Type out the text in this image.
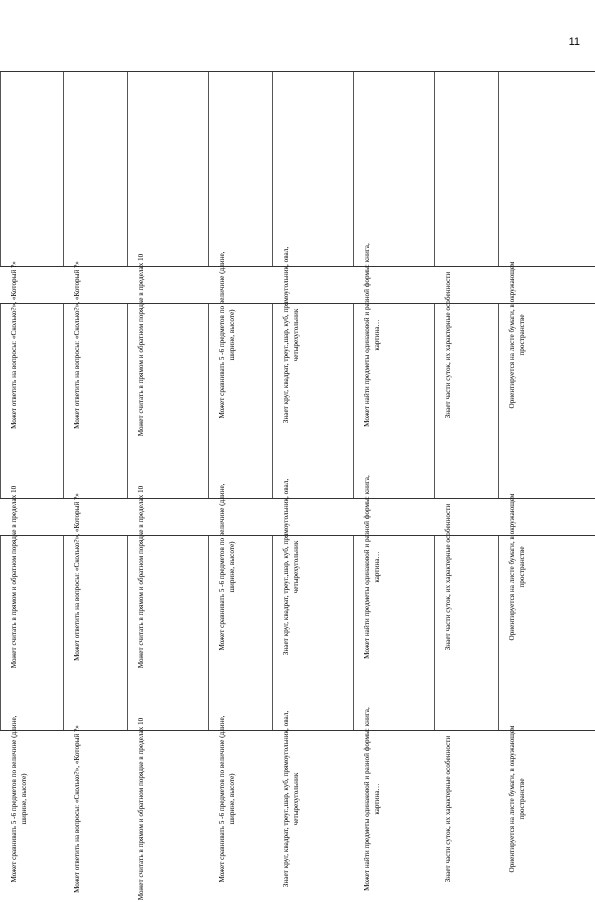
11
Может ответить на вопросы: «Сколько?», «Который ?»	Может ответить на вопросы: «Сколько?», «Который ?»	Может считать в прямом и обратном порядке в пределах 10	Может сравнивать 5 -6 предметов по величине (длине, ширине, высоте)	Знает круг, квадрат, треуг.,шар, куб, прямоугольник, овал, четырехугольник	Может найти предметы одинаковой и разной формы: книга, картина…	Знает части суток, их характерные особенности	Ориентируется на листе бумаги, в окружающем пространстве
Может считать в прямом и обратном порядке в пределах 10	Может ответить на вопросы: «Сколько?», «Который ?»	Может считать в прямом и обратном порядке в пределах 10	Может сравнивать 5 -6 предметов по величине (длине, ширине, высоте)	Знает круг, квадрат, треуг.,шар, куб, прямоугольник, овал, четырехугольник	Может найти предметы одинаковой и разной формы: книга, картина…	Знает части суток, их характерные особенности	Ориентируется на листе бумаги, в окружающем пространстве
Может сравнивать 5 -6 предметов по величине (длине, ширине, высоте)	Может ответить на вопросы: «Сколько?», «Который ?»	Может считать в прямом и обратном порядке в пределах 10	Может сравнивать 5 -6 предметов по величине (длине, ширине, высоте)	Знает круг, квадрат, треуг.,шар, куб, прямоугольник, овал, четырехугольник	Может найти предметы одинаковой и разной формы: книга, картина…	Знает части суток, их характерные особенности	Ориентируется на листе бумаги, в окружающем пространстве
